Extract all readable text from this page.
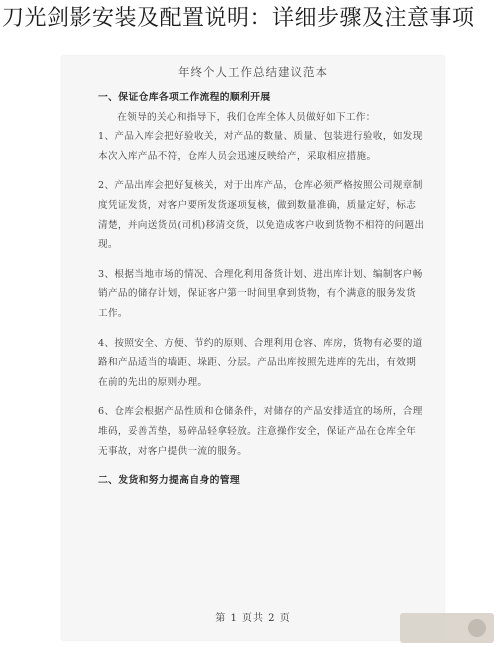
刀光剑影安装及配置说明：详细步骤及注意事项
年终个人工作总结建议范本

一、保证仓库各项工作流程的顺利开展

在领导的关心和指导下，我们仓库全体人员做好如下工作：

1、产品入库会把好验收关，对产品的数量、质量、包装进行验收，如发现本次入库产品不符，仓库人员会迅速反映给产，采取相应措施。

2、产品出库会把好复核关，对于出库产品，仓库必须严格按照公司规章制度凭证发货，对客户要所发货逐项复核，做到数量准确，质量定好，标志清楚，并向送货员(司机)移清交货，以免造成客户收到货物不相符的问题出现。

3、根据当地市场的情况、合理化利用备货计划、进出库计划、编制客户畅销产品的储存计划，保证客户第一时间里拿到货物，有个满意的服务发货工作。

4、按照安全、方便、节约的原则、合理利用仓容、库房，货物有必要的道路和产品适当的墙距、垛距、分层。产品出库按照先进库的先出，有效期在前的先出的原则办理。

6、仓库会根据产品性质和仓储条件，对储存的产品安排适宜的场所，合理堆码，妥善苫垫，易碎品轻拿轻放。注意操作安全，保证产品在仓库全年无事故，对客户提供一流的服务。

二、发货和努力提高自身的管理

第 1 页共 2 页
